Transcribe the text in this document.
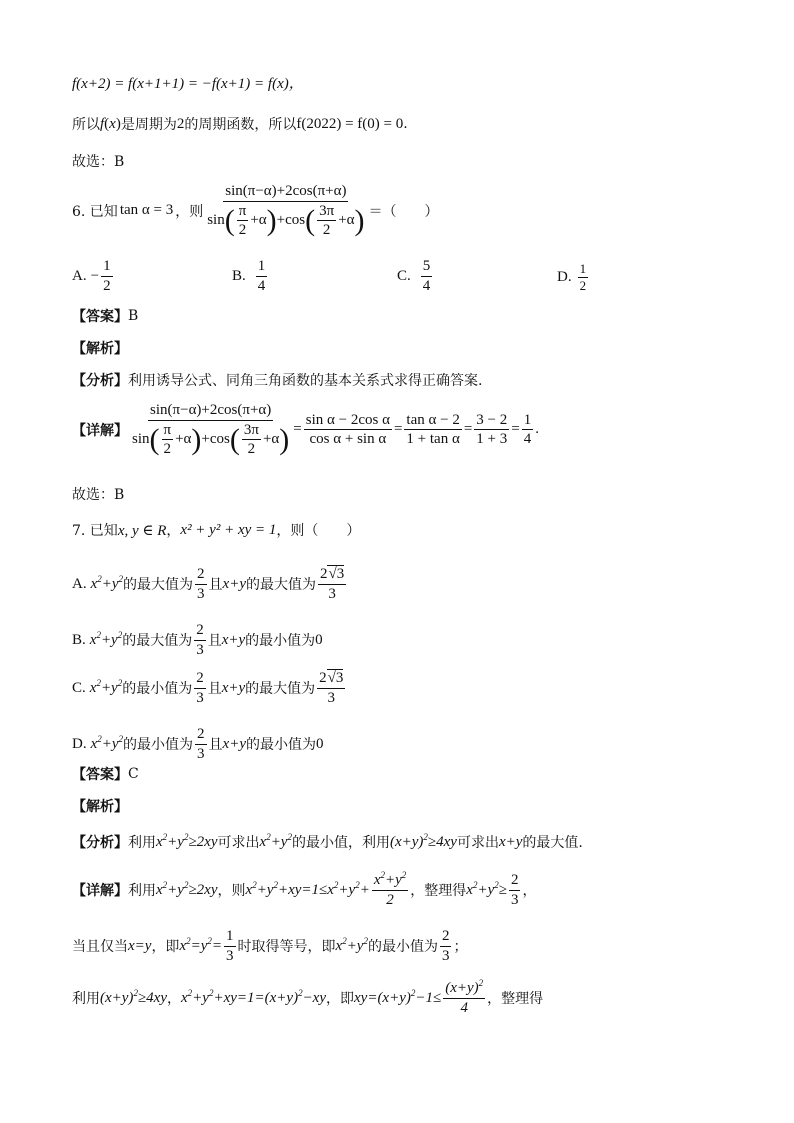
f(x+2) = f(x+1+1) = −f(x+1) = f(x)，
所以 f(x) 是周期为 2 的周期函数，所以 f(2022) = f(0) = 0 .
故选：B
6. 已知 tan α = 3 ，则 $\frac{\sin(\pi-\alpha)+2\cos(\pi+\alpha)}{\sin ( \frac{\pi}{2} +\alpha ) +\cos ( \frac{3\pi}{2} +\alpha )}$ ＝（　　）
A. − $\frac{1}{2}$	B. $\frac{1}{4}$	C. $\frac{5}{4}$	D. $\frac{1}{2}$
【答案】 B
【解析】
【分析】 利用诱导公式、同角三角函数的基本关系式求得正确答案.
【详解】 $\frac{\sin(\pi-\alpha)+2\cos(\pi+\alpha)}{\sin ( \frac{\pi}{2} +\alpha ) +\cos ( \frac{3\pi}{2} +\alpha )} = \frac{\text{sin α − 2cos α}}{\text{cos α + sin α}} = \frac{\text{tan α − 2}}{\text{1 + tan α}} = \frac{3 - 2}{1 + 3} = \frac{1}{4}$ .
故选：B
7. 已知 x, y ∈ R ， x² + y² + xy = 1 ，则（　　）
A. $x^2+y^2$ 的最大值为 $\frac{2}{3}$ 且 x+y 的最大值为 $\frac{2√3}{3}$
B. $x^2+y^2$ 的最大值为 $\frac{2}{3}$ 且 x+y 的最小值为 0
C. $x^2+y^2$ 的最小值为 $\frac{2}{3}$ 且 x+y 的最大值为 $\frac{2√3}{3}$
D. $x^2+y^2$ 的最小值为 $\frac{2}{3}$ 且 x+y 的最小值为 0
【答案】 C
【解析】
【分析】 利用 $x^2+y^2\ge 2xy$ 可求出 $x^2+y^2$ 的最小值，利用 $(x+y)^2\ge 4xy$ 可求出 x+y 的最大值.
【详解】 利用 $x^2+y^2\ge 2xy$ ，则 $x^2+y^2+xy=1\le x^2+y^2+ \frac{x^2+y^2}{2}$ ，整理得 $x^2+y^2\ge \frac{2}{3}$ ，
当且仅当 x=y ，即 $x^2=y^2= \frac{1}{3}$ 时取得等号，即 $x^2+y^2$ 的最小值为 $\frac{2}{3}$ ；
利用 $(x+y)^2\ge 4xy$ ， $x^2+y^2+xy=1=(x+y)^2-xy$ ，即 $xy=(x+y)^2-1\le \frac{(x+y)^2}{4}$ ，整理得
